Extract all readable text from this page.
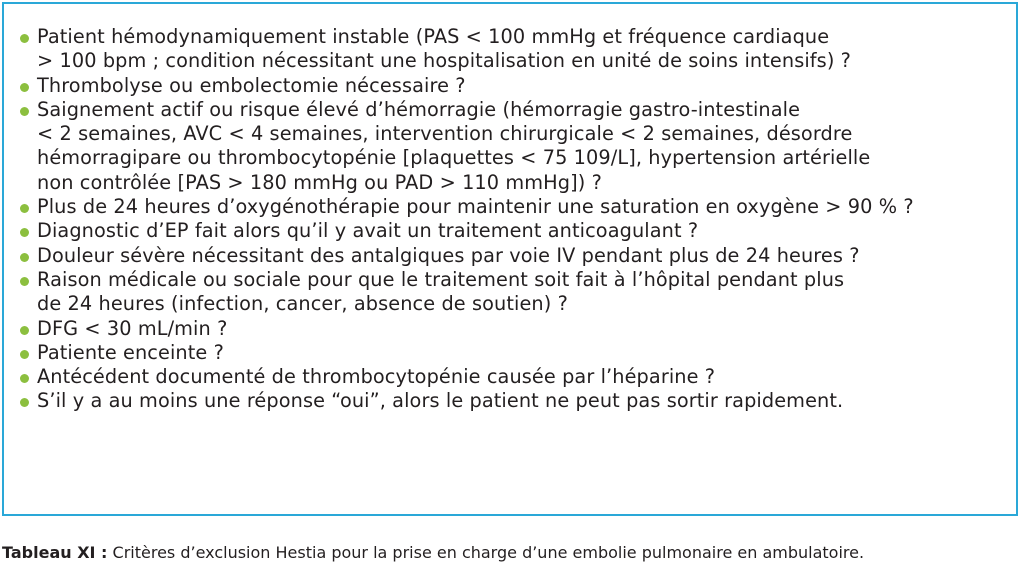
Patient hémodynamiquement instable (PAS < 100 mmHg et fréquence cardiaque
> 100 bpm ; condition nécessitant une hospitalisation en unité de soins intensifs) ?
Thrombolyse ou embolectomie nécessaire ?
Saignement actif ou risque élevé d’hémorragie (hémorragie gastro-intestinale
< 2 semaines, AVC < 4 semaines, intervention chirurgicale < 2 semaines, désordre
hémorragipare ou thrombocytopénie [plaquettes < 75 109/L], hypertension artérielle
non contrôlée [PAS > 180 mmHg ou PAD > 110 mmHg]) ?
Plus de 24 heures d’oxygénothérapie pour maintenir une saturation en oxygène > 90 % ?
Diagnostic d’EP fait alors qu’il y avait un traitement anticoagulant ?
Douleur sévère nécessitant des antalgiques par voie IV pendant plus de 24 heures ?
Raison médicale ou sociale pour que le traitement soit fait à l’hôpital pendant plus
de 24 heures (infection, cancer, absence de soutien) ?
DFG < 30 mL/min ?
Patiente enceinte ?
Antécédent documenté de thrombocytopénie causée par l’héparine ?
S’il y a au moins une réponse “oui”, alors le patient ne peut pas sortir rapidement.
Tableau XI : Critères d’exclusion Hestia pour la prise en charge d’une embolie pulmonaire en ambulatoire.
